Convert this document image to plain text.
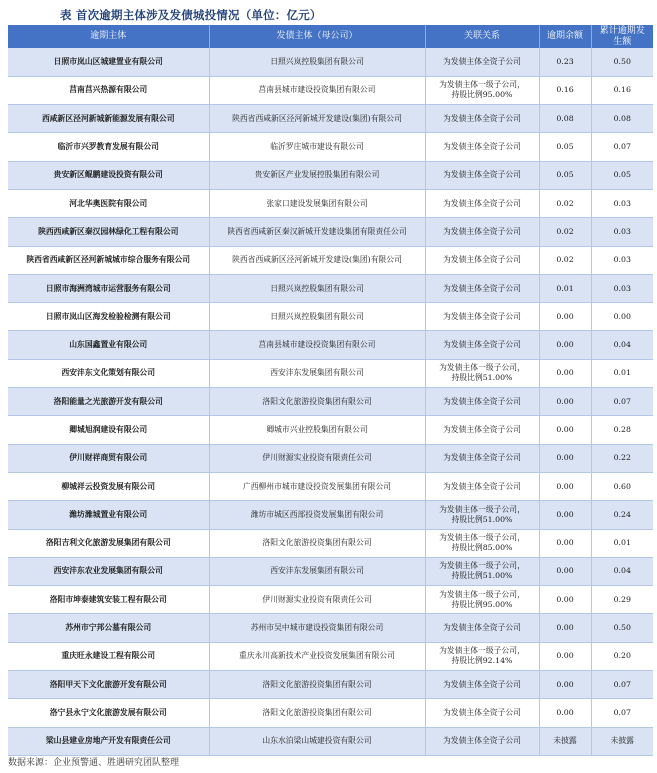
表 首次逾期主体涉及发债城投情况（单位：亿元）
逾期主体	发债主体（母公司）	关联关系	逾期余额	累计逾期发
生额
日照市岚山区城建置业有限公司	日照兴岚控股集团有限公司	为发债主体全资子公司	0.23	0.50
莒南莒兴热源有限公司	莒南县城市建设投资集团有限公司	为发债主体一级子公司，
持股比例95.00%	0.16	0.16
西咸新区泾河新城新能源发展有限公司	陕西省西咸新区泾河新城开发建设(集团)有限公司	为发债主体全资子公司	0.08	0.08
临沂市兴罗教育发展有限公司	临沂罗庄城市建设有限公司	为发债主体全资子公司	0.05	0.07
贵安新区鲲鹏建设投资有限公司	贵安新区产业发展控股集团有限公司	为发债主体全资子公司	0.05	0.05
河北华奥医院有限公司	张家口建设发展集团有限公司	为发债主体全资子公司	0.02	0.03
陕西西咸新区秦汉园林绿化工程有限公司	陕西省西咸新区秦汉新城开发建设集团有限责任公司	为发债主体全资子公司	0.02	0.03
陕西省西咸新区泾河新城城市综合服务有限公司	陕西省西咸新区泾河新城开发建设(集团)有限公司	为发债主体全资子公司	0.02	0.03
日照市海洲湾城市运营服务有限公司	日照兴岚控股集团有限公司	为发债主体全资子公司	0.01	0.03
日照市岚山区海发检验检测有限公司	日照兴岚控股集团有限公司	为发债主体全资子公司	0.00	0.00
山东国鑫置业有限公司	莒南县城市建设投资集团有限公司	为发债主体全资子公司	0.00	0.04
西安沣东文化策划有限公司	西安沣东发展集团有限公司	为发债主体一级子公司，
持股比例51.00%	0.00	0.01
洛阳能量之光旅游开发有限公司	洛阳文化旅游投资集团有限公司	为发债主体全资子公司	0.00	0.07
卿城旭润建设有限公司	卿城市兴业控股集团有限公司	为发债主体全资子公司	0.00	0.28
伊川财祥商贸有限公司	伊川财源实业投资有限责任公司	为发债主体全资子公司	0.00	0.22
柳城祥云投资发展有限公司	广西柳州市城市建设投资发展集团有限公司	为发债主体全资子公司	0.00	0.60
潍坊潍城置业有限公司	潍坊市城区西部投资发展集团有限公司	为发债主体一级子公司，
持股比例51.00%	0.00	0.24
洛阳吉利文化旅游发展集团有限公司	洛阳文化旅游投资集团有限公司	为发债主体一级子公司，
持股比例85.00%	0.00	0.01
西安沣东农业发展集团有限公司	西安沣东发展集团有限公司	为发债主体一级子公司，
持股比例51.00%	0.00	0.04
洛阳市坤泰建筑安装工程有限公司	伊川财源实业投资有限责任公司	为发债主体一级子公司，
持股比例95.00%	0.00	0.29
苏州市宁邦公墓有限公司	苏州市吴中城市建设投资集团有限公司	为发债主体全资子公司	0.00	0.50
重庆旺永建设工程有限公司	重庆永川高新技术产业投资发展集团有限公司	为发债主体一级子公司，
持股比例92.14%	0.00	0.20
洛阳甲天下文化旅游开发有限公司	洛阳文化旅游投资集团有限公司	为发债主体全资子公司	0.00	0.07
洛宁县永宁文化旅游发展有限公司	洛阳文化旅游投资集团有限公司	为发债主体全资子公司	0.00	0.07
梁山县建业房地产开发有限责任公司	山东水泊梁山城建投资有限公司	为发债主体全资子公司	未披露	未披露
数据来源：企业预警通、胜遇研究团队整理
